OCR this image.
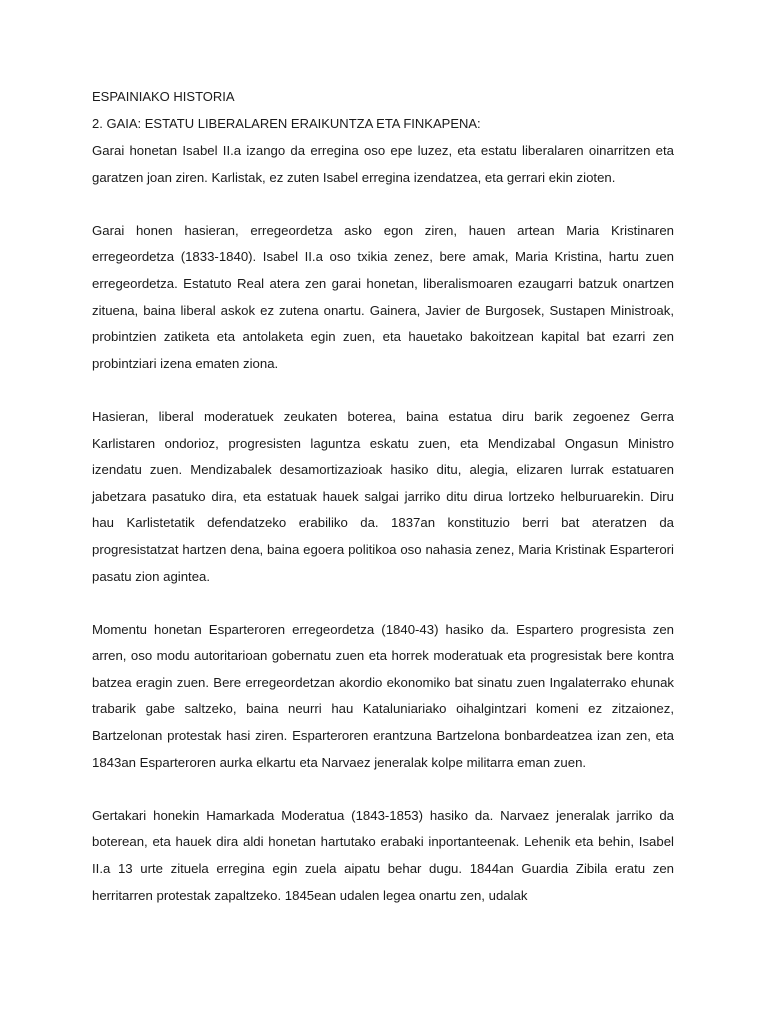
ESPAINIAKO HISTORIA
2. GAIA: ESTATU LIBERALAREN ERAIKUNTZA ETA FINKAPENA:

Garai honetan Isabel II.a izango da erregina oso epe luzez, eta estatu liberalaren oinarritzen eta garatzen joan ziren. Karlistak, ez zuten Isabel erregina izendatzea, eta gerrari ekin zioten.

Garai honen hasieran, erregeordetza asko egon ziren, hauen artean Maria Kristinaren erregeordetza (1833-1840). Isabel II.a oso txikia zenez, bere amak, Maria Kristina, hartu zuen erregeordetza. Estatuto Real atera zen garai honetan, liberalismoaren ezaugarri batzuk onartzen zituena, baina liberal askok ez zutena onartu. Gainera, Javier de Burgosek, Sustapen Ministroak, probintzien zatiketa eta antolaketa egin zuen, eta hauetako bakoitzean kapital bat ezarri zen probintziari izena ematen ziona.

Hasieran, liberal moderatuek zeukaten boterea, baina estatua diru barik zegoenez Gerra Karlistaren ondorioz, progresisten laguntza eskatu zuen, eta Mendizabal Ongasun Ministro izendatu zuen. Mendizabalek desamortizazioak hasiko ditu, alegia, elizaren lurrak estatuaren jabetzara pasatuko dira, eta estatuak hauek salgai jarriko ditu dirua lortzeko helburuarekin. Diru hau Karlistetatik defendatzeko erabiliko da. 1837an konstituzio berri bat ateratzen da progresistatzat hartzen dena, baina egoera politikoa oso nahasia zenez, Maria Kristinak Esparterori pasatu zion agintea.

Momentu honetan Esparteroren erregeordetza (1840-43) hasiko da. Espartero progresista zen arren, oso modu autoritarioan gobernatu zuen eta horrek moderatuak eta progresistak bere kontra batzea eragin zuen. Bere erregeordetzan akordio ekonomiko bat sinatu zuen Ingalaterrako ehunak trabarik gabe saltzeko, baina neurri hau Kataluniariako oihalgintzari komeni ez zitzaionez, Bartzelonan protestak hasi ziren. Esparteroren erantzuna Bartzelona bonbardeatzea izan zen, eta 1843an Esparteroren aurka elkartu eta Narvaez jeneralak kolpe militarra eman zuen.

Gertakari honekin Hamarkada Moderatua (1843-1853) hasiko da. Narvaez jeneralak jarriko da boterean, eta hauek dira aldi honetan hartutako erabaki inportanteenak. Lehenik eta behin, Isabel II.a 13 urte zituela erregina egin zuela aipatu behar dugu. 1844an Guardia Zibila eratu zen herritarren protestak zapaltzeko. 1845ean udalen legea onartu zen, udalak
